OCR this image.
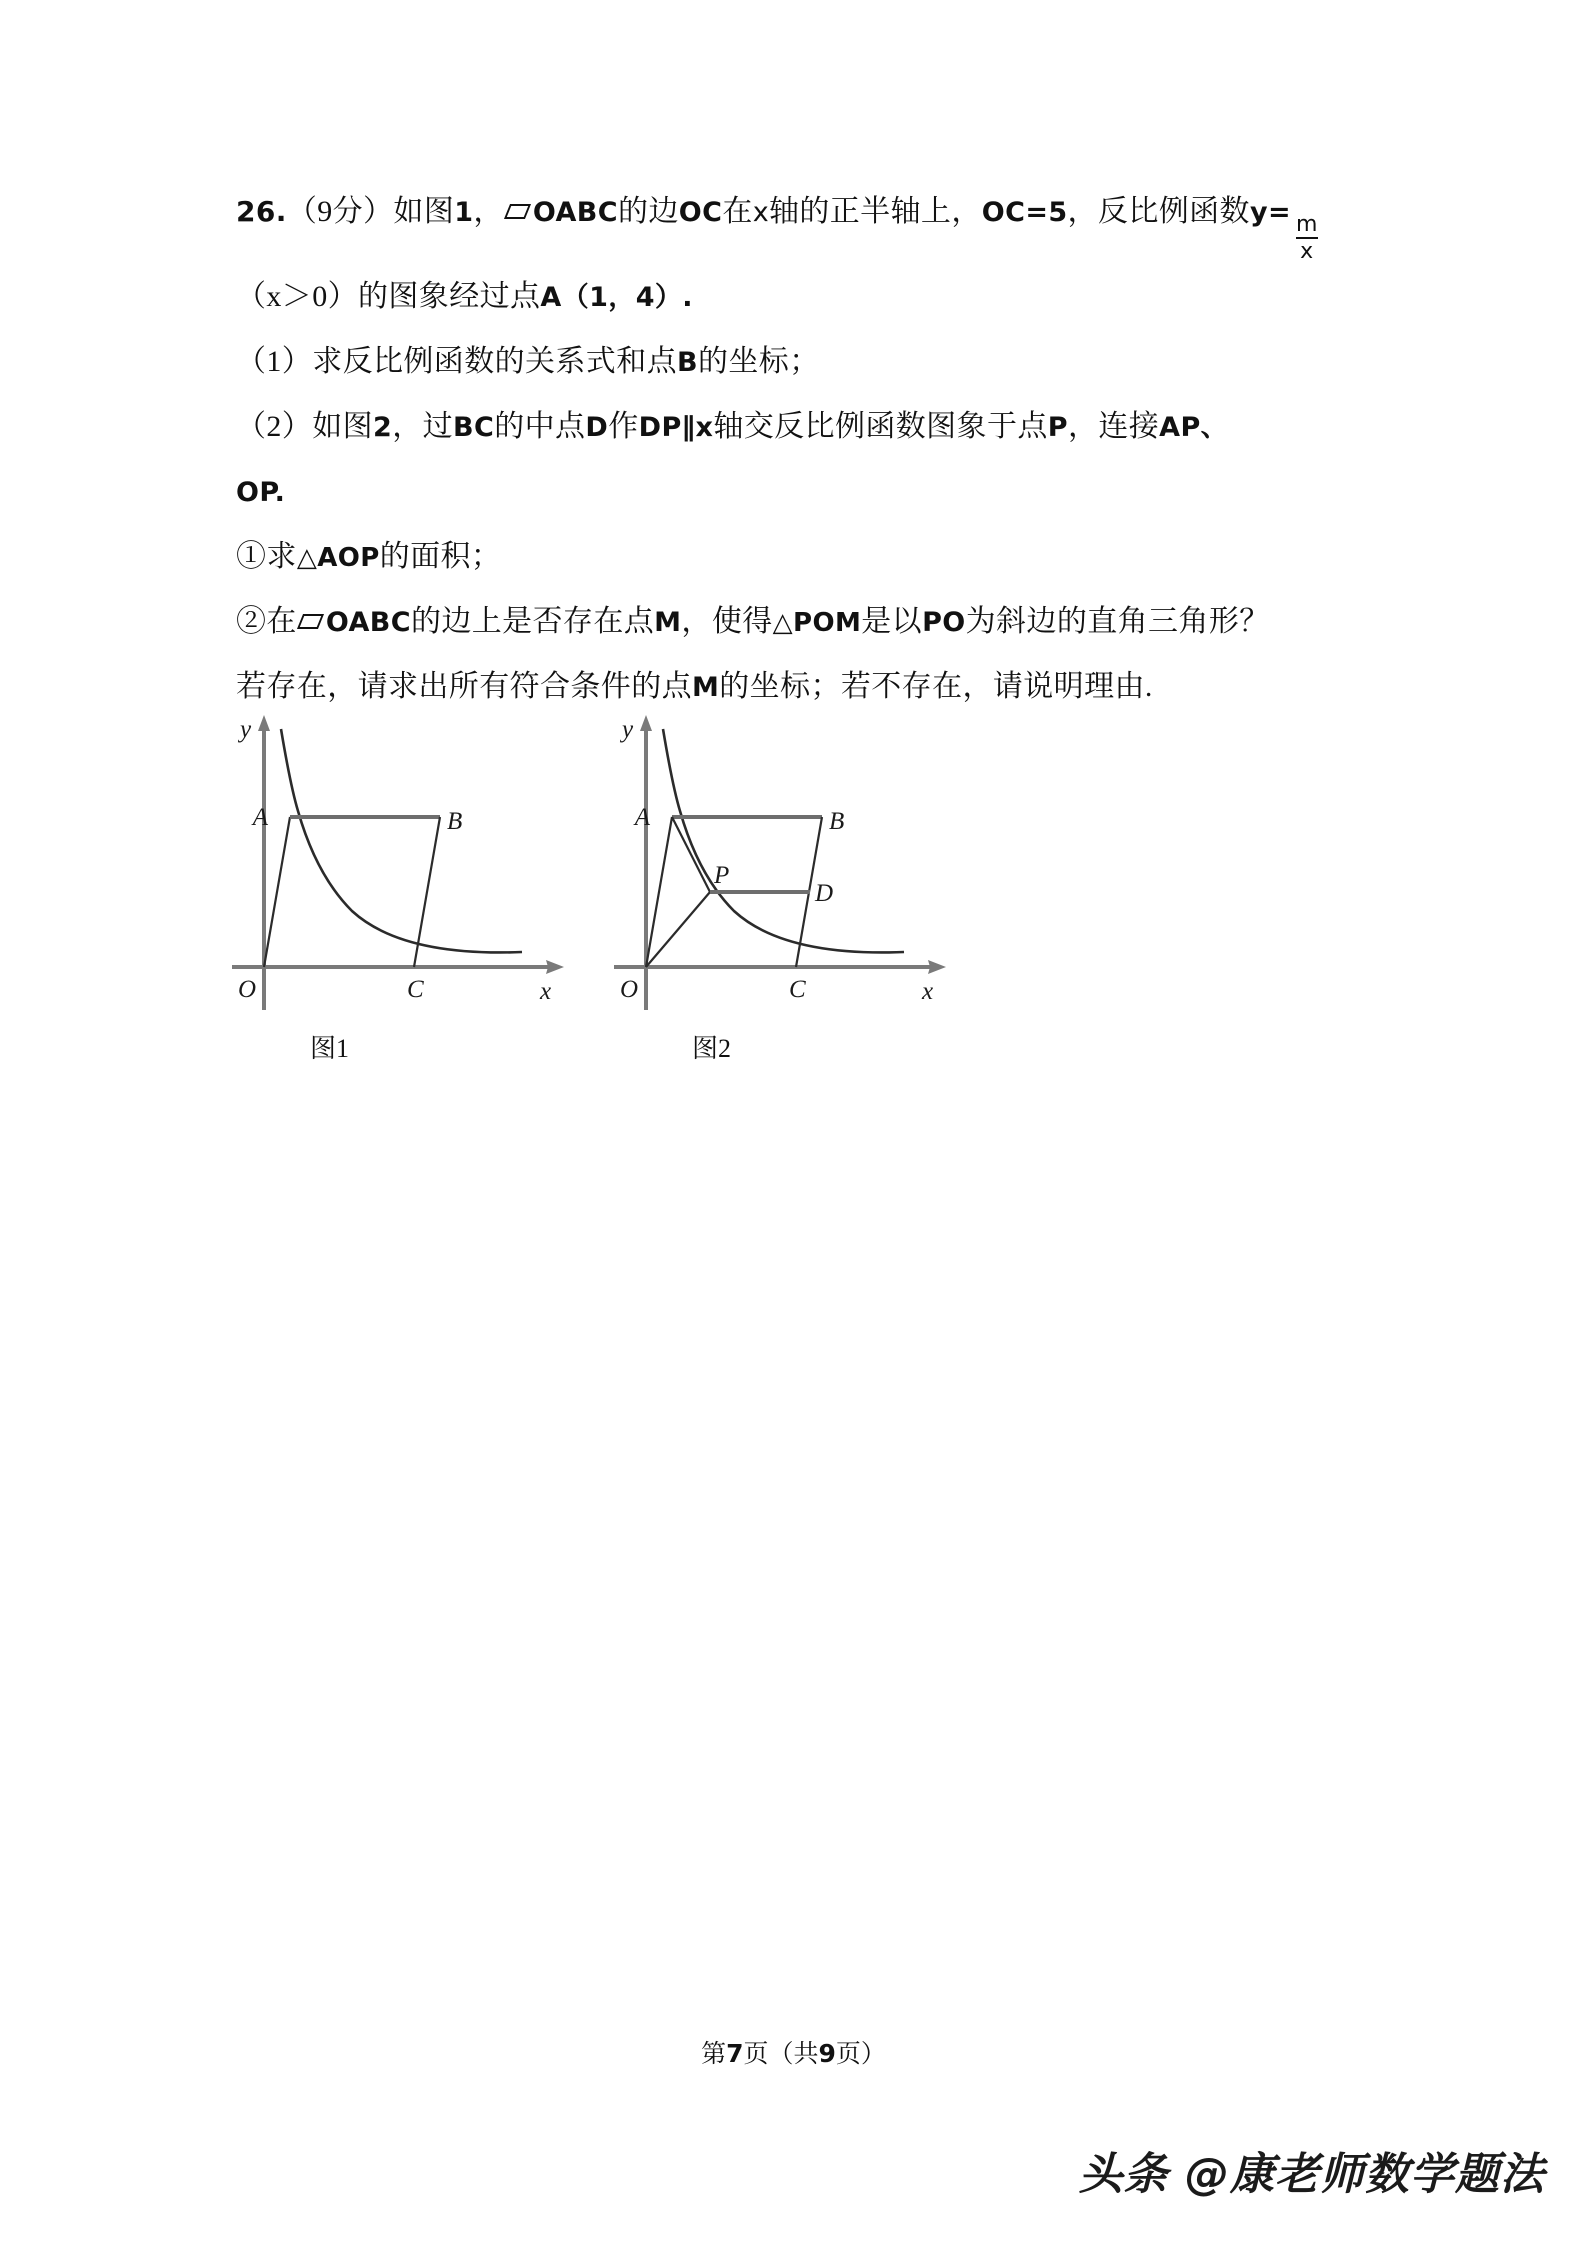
26.（9分）如图1， OABC的边OC在x轴的正半轴上，OC=5，反比例函数y=
$\frac{m}{x}$
（x＞0）的图象经过点A（1，4）.
（1）求反比例函数的关系式和点B的坐标；
（2）如图2，过BC的中点D作DP∥x轴交反比例函数图象于点P，连接AP、
OP.
①求△AOP的面积；
②在 OABC的边上是否存在点M，使得△POM是以PO为斜边的直角三角形？
若存在，请求出所有符合条件的点M的坐标；若不存在，请说明理由.
A	B
C
O	x
y
图1
A	B
C
D
P
O	x
y
图2
第7页（共9页）
头条 @康老师数学题法
